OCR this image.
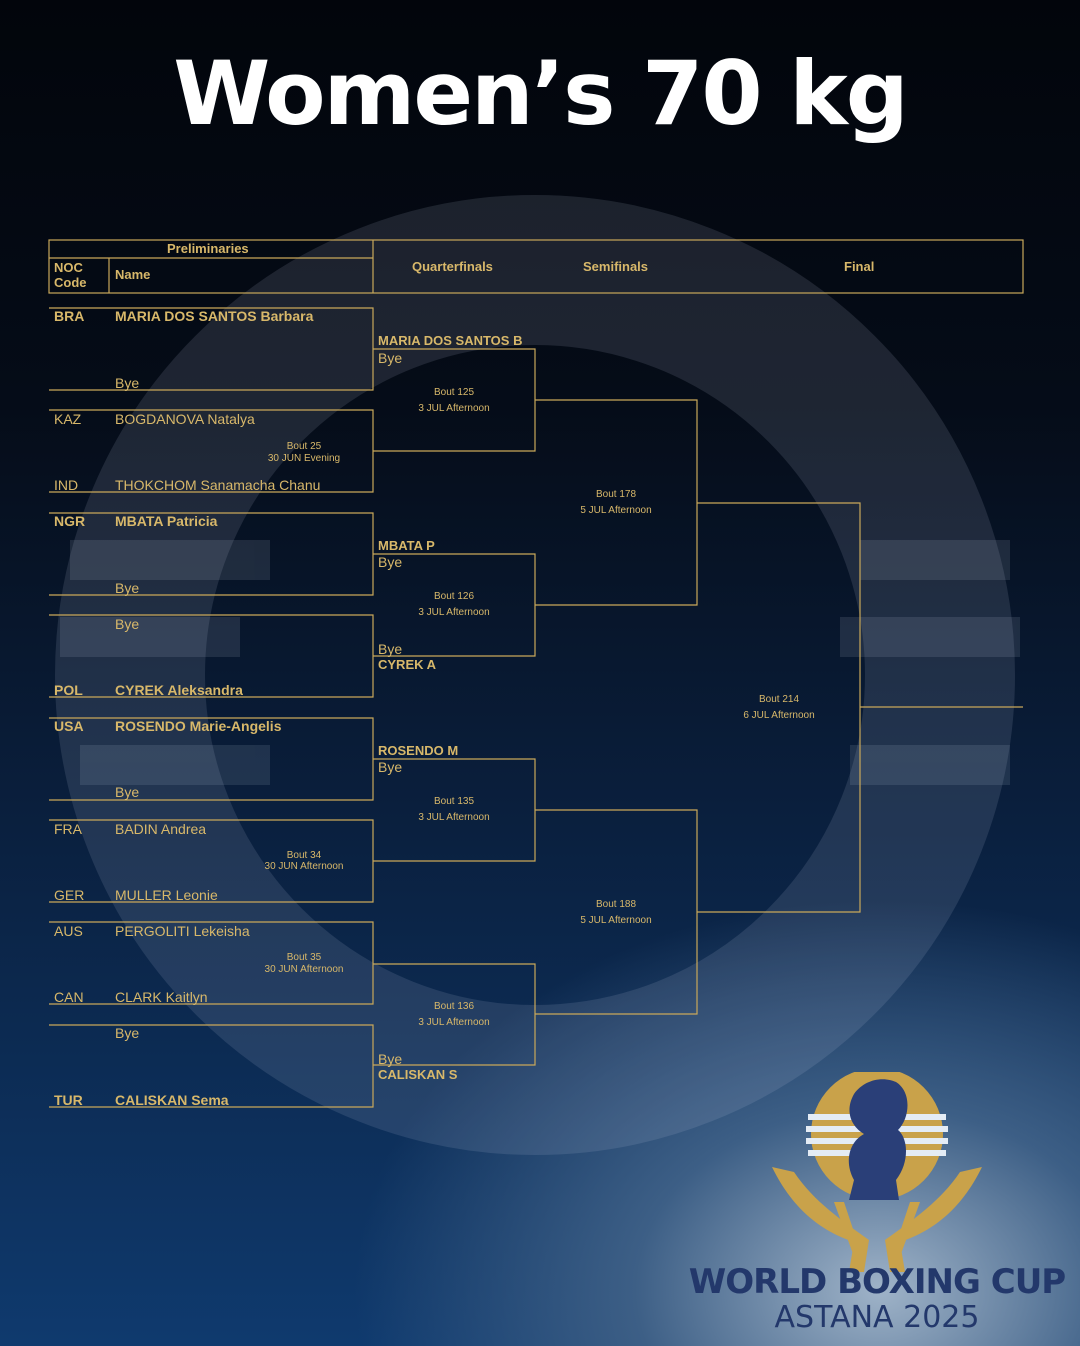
Women’s 70 kg
Preliminaries
NOC
Code
Name
Quarterfinals	Semifinals	Final
BRA MARIA DOS SANTOS Barbara
Bye
KAZ BOGDANOVA Natalya
IND	THOKCHOM Sanamacha Chanu
NGR MBATA Patricia
Bye
Bye
POL CYREK Aleksandra
USA ROSENDO Marie-Angelis
Bye
FRA BADIN Andrea
GER MULLER Leonie
AUS PERGOLITI Lekeisha
CAN CLARK Kaitlyn
Bye
TUR CALISKAN Sema
Bout 25
30 JUN Evening
Bout 34
30 JUN Afternoon
Bout 35
30 JUN Afternoon
MARIA DOS SANTOS B
Bye
MBATA P
Bye
Bye
CYREK A
ROSENDO M
Bye
Bye
CALISKAN S
Bout 125
3 JUL Afternoon
Bout 126
3 JUL Afternoon
Bout 135
3 JUL Afternoon
Bout 136
3 JUL Afternoon
Bout 178
5 JUL Afternoon
Bout 188
5 JUL Afternoon
Bout 214
6 JUL Afternoon
WORLD BOXING CUP
ASTANA 2025
